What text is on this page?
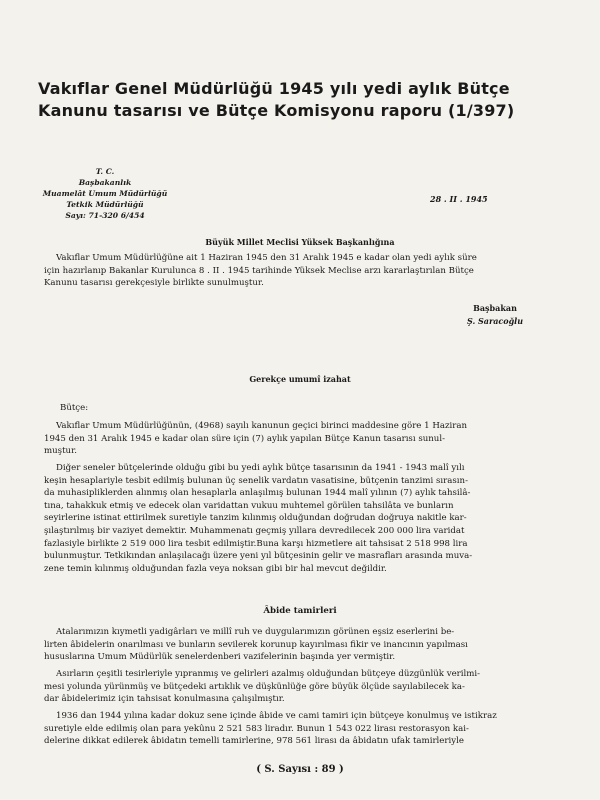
Vakıflar Genel Müdürlüğü 1945 yılı yedi aylık Bütçe
Kanunu tasarısı ve Bütçe Komisyonu raporu (1/397)
T. C.
Başbakanlık
Muamelât Umum Müdürlüğü
Tetkik Müdürlüğü
Sayı: 71-320 6/454
28 . II . 1945
Büyük Millet Meclisi Yüksek Başkanlığına
Vakıflar Umum Müdürlüğüne ait 1 Haziran 1945 den 31 Aralık 1945 e kadar olan yedi aylık süre
için hazırlanıp Bakanlar Kurulunca 8 . II . 1945 tarihinde Yüksek Meclise arzı kararlaştırılan Bütçe
Kanunu tasarısı gerekçesiyle birlikte sunulmuştur.
Başbakan
Ş. Saracoğlu
Gerekçe umumî izahat
Bütçe:
Vakıflar Umum Müdürlüğünün, (4968) sayılı kanunun geçici birinci maddesine göre 1 Haziran
1945 den 31 Aralık 1945 e kadar olan süre için (7) aylık yapılan Bütçe Kanun tasarısı sunul-
muştur.
Diğer seneler bütçelerinde olduğu gibi bu yedi aylık bütçe tasarısının da 1941 - 1943 malî yılı
keşin hesaplariyle tesbit edilmiş bulunan üç senelik vardatın vasatisine, bütçenin tanzimi sırasın-
da muhasipliklerden alınmış olan hesaplarla anlaşılmış bulunan 1944 malî yılının (7) aylık tahsilâ-
tına, tahakkuk etmiş ve edecek olan varidattan vukuu muhtemel görülen tahsilâta ve bunların
seyirlerine istinat ettirilmek suretiyle tanzim kılınmış olduğundan doğrudan doğruya nakitle kar-
şılaştırılmış bir vaziyet demektir. Muhammenatı geçmiş yıllara devredilecek 200 000 lira varidat
fazlasiyle birlikte 2 519 000 lira tesbit edilmiştir.Buna karşı hizmetlere ait tahsisat 2 518 998 lira
bulunmuştur. Tetkikından anlaşılacağı üzere yeni yıl bütçesinin gelir ve masrafları arasında muva-
zene temin kılınmış olduğundan fazla veya noksan gibi bir hal mevcut değildir.
Âbide tamirleri
Atalarımızın kıymetli yadigârları ve millî ruh ve duygularımızın görünen eşsiz eserlerini be-
lirten âbidelerin onarılması ve bunların sevilerek korunup kayırılması fikir ve inancının yapılması
hususlarına Umum Müdürlük senelerdenberi vazifelerinin başında yer vermiştir.
Asırların çeşitli tesirleriyle yıpranmış ve gelirleri azalmış olduğundan bütçeye düzgünlük verilmi-
mesi yolunda yürünmüş ve bütçedeki artıklık ve düşkünlüğe göre büyük ölçüde sayılabilecek ka-
dar âbidelerimiz için tahsisat konulmasına çalışılmıştır.
1936 dan 1944 yılına kadar dokuz sene içinde âbide ve cami tamiri için bütçeye konulmuş ve istikraz
suretiyle elde edilmiş olan para yekûnu 2 521 583 liradır. Bunun 1 543 022 lirası restorasyon kai-
delerine dikkat edilerek âbidatın temelli tamirlerine, 978 561 lirası da âbidatın ufak tamirleriyle
( S. Sayısı : 89 )
